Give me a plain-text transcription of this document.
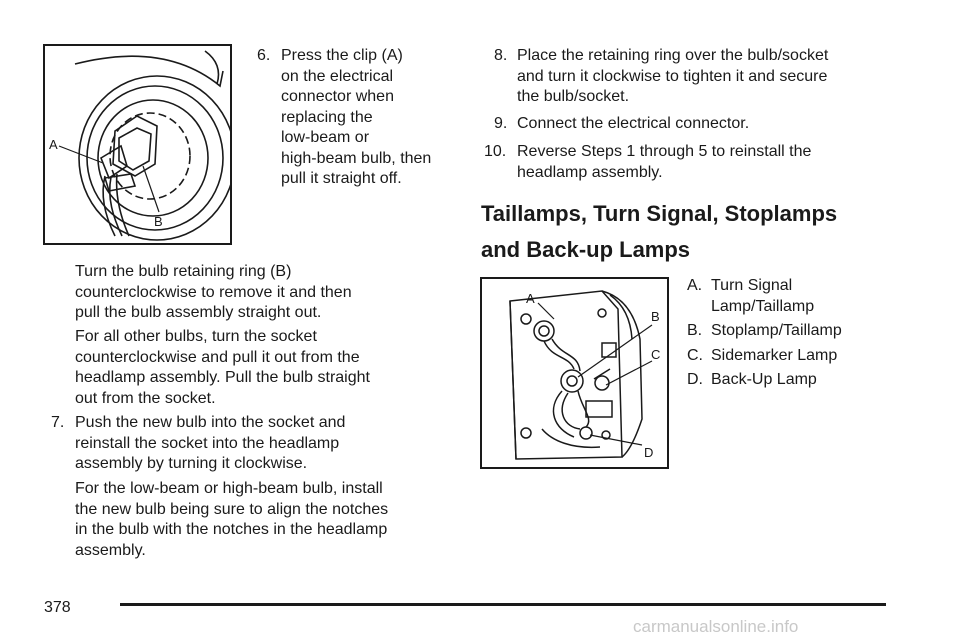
A
B
6. Press the clip (A)
on the electrical
connector when
replacing the
low-beam or
high-beam bulb, then
pull it straight off.
Turn the bulb retaining ring (B)
counterclockwise to remove it and then
pull the bulb assembly straight out.
For all other bulbs, turn the socket
counterclockwise and pull it out from the
headlamp assembly. Pull the bulb straight
out from the socket.
7. Push the new bulb into the socket and
reinstall the socket into the headlamp
assembly by turning it clockwise.
For the low-beam or high-beam bulb, install
the new bulb being sure to align the notches
in the bulb with the notches in the headlamp
assembly.
8. Place the retaining ring over the bulb/socket
and turn it clockwise to tighten it and secure
the bulb/socket.
9. Connect the electrical connector.
10. Reverse Steps 1 through 5 to reinstall the
headlamp assembly.
Taillamps, Turn Signal, Stoplamps
and Back-up Lamps
A
B
C
D
A. Turn Signal
Lamp/Taillamp
B. Stoplamp/Taillamp
C. Sidemarker Lamp
D. Back-Up Lamp
378
carmanualsonline.info
